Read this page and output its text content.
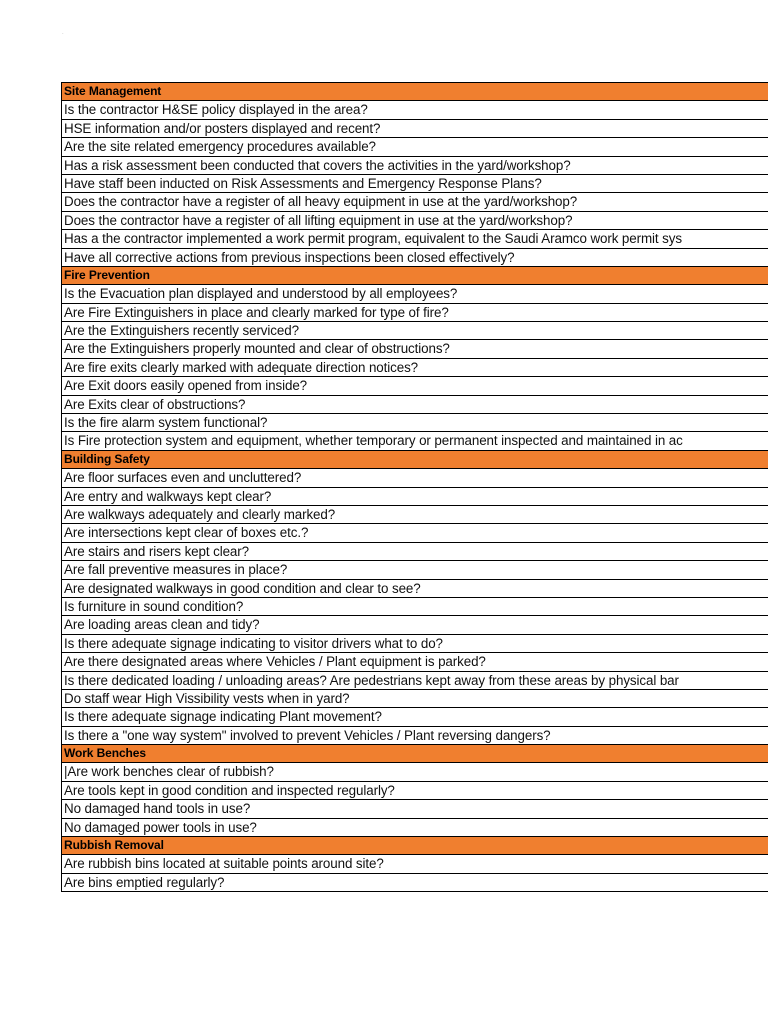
.
Site Management
Is the contractor H&SE policy displayed in the area?
HSE information and/or posters displayed and recent?
Are the site related emergency procedures available?
Has a risk assessment been conducted that covers the activities in the yard/workshop?
Have staff been inducted on Risk Assessments and Emergency Response Plans?
Does the contractor have a register of all heavy equipment in use at the yard/workshop?
Does the contractor have a register of all lifting equipment in use at the yard/workshop?
Has a the contractor implemented a work permit program, equivalent to the Saudi Aramco work permit sys
Have all corrective actions from previous inspections been closed effectively?
Fire Prevention
Is the Evacuation plan displayed and understood by all employees?
Are Fire Extinguishers in place and clearly marked for type of fire?
Are the Extinguishers recently serviced?
Are the Extinguishers properly mounted and clear of obstructions?
Are fire exits clearly marked with adequate direction notices?
Are Exit doors easily opened from inside?
Are Exits clear of obstructions?
Is the fire alarm system functional?
Is Fire protection system and equipment, whether temporary or permanent inspected and maintained in ac
Building Safety
Are floor surfaces even and uncluttered?
Are entry and walkways kept clear?
Are walkways adequately and clearly marked?
Are intersections kept clear of boxes etc.?
Are stairs and risers kept clear?
Are fall preventive measures in place?
Are designated walkways in good condition and clear to see?
Is furniture in sound condition?
Are loading areas clean and tidy?
Is there adequate signage indicating to visitor drivers what to do?
Are there designated areas where Vehicles / Plant equipment is parked?
Is there dedicated loading / unloading areas? Are pedestrians kept away from these areas by physical bar
Do staff wear High Vissibility vests when in yard?
Is there adequate signage indicating Plant movement?
Is there a "one way system" involved to prevent Vehicles / Plant reversing dangers?
Work Benches
|Are work benches clear of rubbish?
Are tools kept in good condition and inspected regularly?
No damaged hand tools in use?
No damaged power tools in use?
Rubbish Removal
Are rubbish bins located at suitable points around site?
Are bins emptied regularly?
